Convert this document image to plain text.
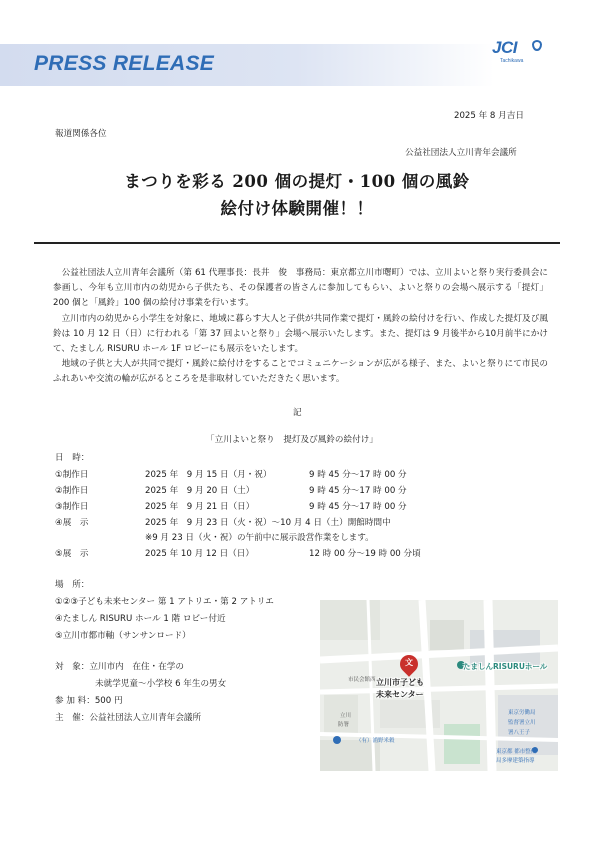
PRESS RELEASE
JCI
Tachikawa
2025 年 8 月吉日
報道関係各位
公益社団法人立川青年会議所
まつりを彩る 200 個の提灯・100 個の風鈴
絵付け体験開催！！
公益社団法人立川青年会議所（第 61 代理事長：長井　俊　事務局：東京都立川市曙町）では、立川よいと祭り実行委員会に参画し、今年も立川市内の幼児から子供たち、その保護者の皆さんに参加してもらい、よいと祭りの会場へ展示する「提灯」200 個と「風鈴」100 個の絵付け事業を行います。
立川市内の幼児から小学生を対象に、地域に暮らす大人と子供が共同作業で提灯・風鈴の絵付けを行い、作成した提灯及び風鈴は 10 月 12 日（日）に行われる「第 37 回よいと祭り」会場へ展示いたします。また、提灯は 9 月後半から10月前半にかけて、たましん RISURU ホール 1F ロビーにも展示をいたします。
地域の子供と大人が共同で提灯・風鈴に絵付けをすることでコミュニケーションが広がる様子、また、よいと祭りにて市民のふれあいや交流の輪が広がるところを是非取材していただきたく思います。
記
「立川よいと祭り　提灯及び風鈴の絵付け」
日　時：
①制作日	2025 年　9 月 15 日（月・祝）	9 時 45 分～17 時 00 分
②制作日	2025 年　9 月 20 日（土）	9 時 45 分～17 時 00 分
③制作日	2025 年　9 月 21 日（日）	9 時 45 分～17 時 00 分
④展　示	2025 年　9 月 23 日（火・祝）～10 月 4 日（土）開館時間中
※9 月 23 日（火・祝）の午前中に展示設営作業をします。
⑤展　示	2025 年 10 月 12 日（日）	12 時 00 分～19 時 00 分頃
場　所：
①②③子ども未来センター 第 1 アトリエ・第 2 アトリエ
④たましん RISURU ホール 1 階 ロビー付近
⑤立川市都市軸（サンサンロード）
対　象：立川市内　在住・在学の
未就学児童～小学校 6 年生の男女
参 加 料：500 円
主　催：公益社団法人立川青年会議所
文
立川市子ども
未来センター
たましんRISURUホール
市民会館西
立川
防署
（有）浦野米穀
東京労働局
監督署立川
署八王子
東京都 都市整備
局多摩建築指導
